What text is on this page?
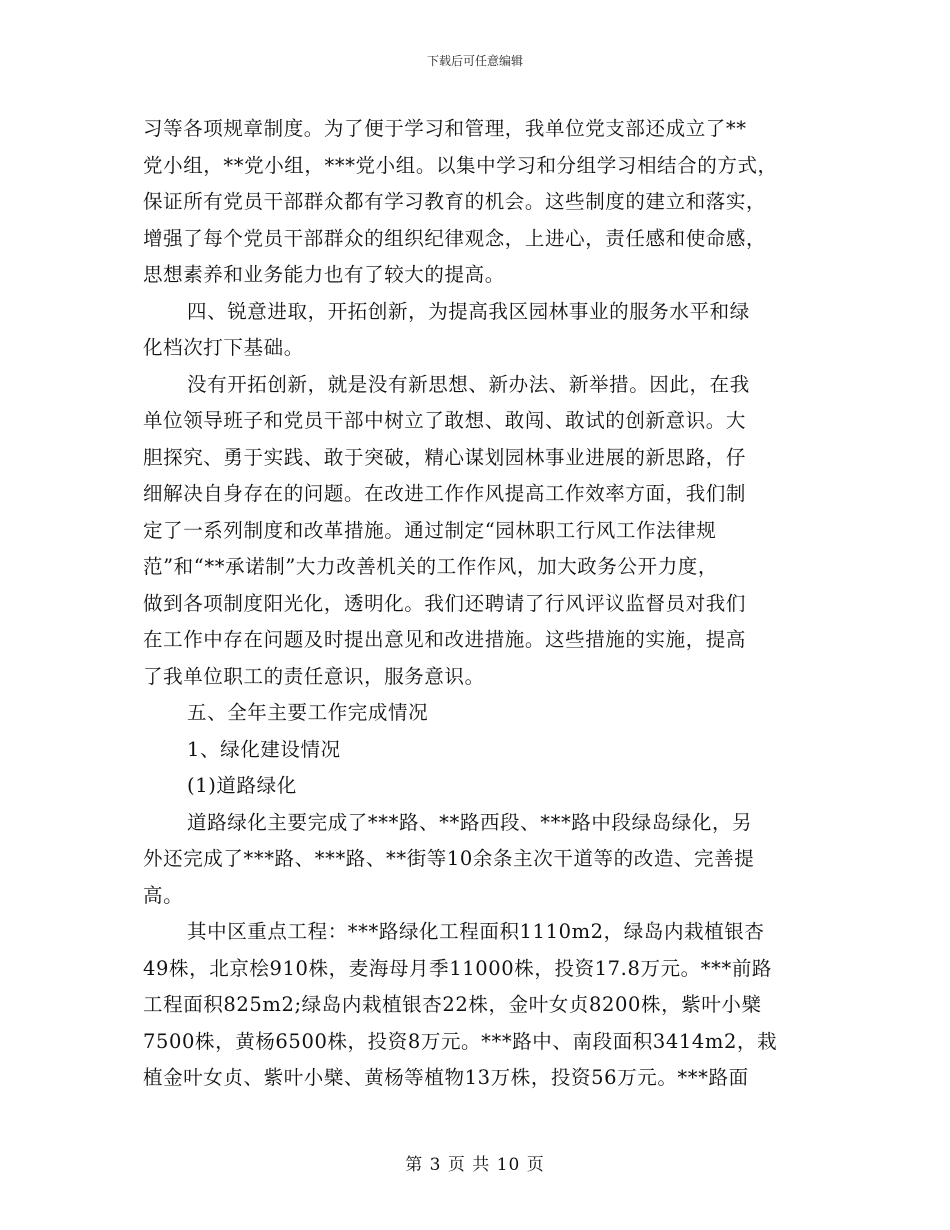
下载后可任意编辑
习等各项规章制度。为了便于学习和管理，我单位党支部还成立了**
党小组，**党小组，***党小组。以集中学习和分组学习相结合的方式，
保证所有党员干部群众都有学习教育的机会。这些制度的建立和落实，
增强了每个党员干部群众的组织纪律观念，上进心，责任感和使命感，
思想素养和业务能力也有了较大的提高。
四、锐意进取，开拓创新，为提高我区园林事业的服务水平和绿
化档次打下基础。
没有开拓创新，就是没有新思想、新办法、新举措。因此，在我
单位领导班子和党员干部中树立了敢想、敢闯、敢试的创新意识。大
胆探究、勇于实践、敢于突破，精心谋划园林事业进展的新思路，仔
细解决自身存在的问题。在改进工作作风提高工作效率方面，我们制
定了一系列制度和改革措施。通过制定“园林职工行风工作法律规
范”和“**承诺制”大力改善机关的工作作风，加大政务公开力度，
做到各项制度阳光化，透明化。我们还聘请了行风评议监督员对我们
在工作中存在问题及时提出意见和改进措施。这些措施的实施，提高
了我单位职工的责任意识，服务意识。
五、全年主要工作完成情况
1、绿化建设情况
(1)道路绿化
道路绿化主要完成了***路、**路西段、***路中段绿岛绿化，另
外还完成了***路、***路、**街等10余条主次干道等的改造、完善提
高。
其中区重点工程：***路绿化工程面积1110m2，绿岛内栽植银杏
49株，北京桧910株，麦海母月季11000株，投资17.8万元。***前路
工程面积825m2;绿岛内栽植银杏22株，金叶女贞8200株，紫叶小檗
7500株，黄杨6500株，投资8万元。***路中、南段面积3414m2，栽
植金叶女贞、紫叶小檗、黄杨等植物13万株，投资56万元。***路面
第 3 页 共 10 页
